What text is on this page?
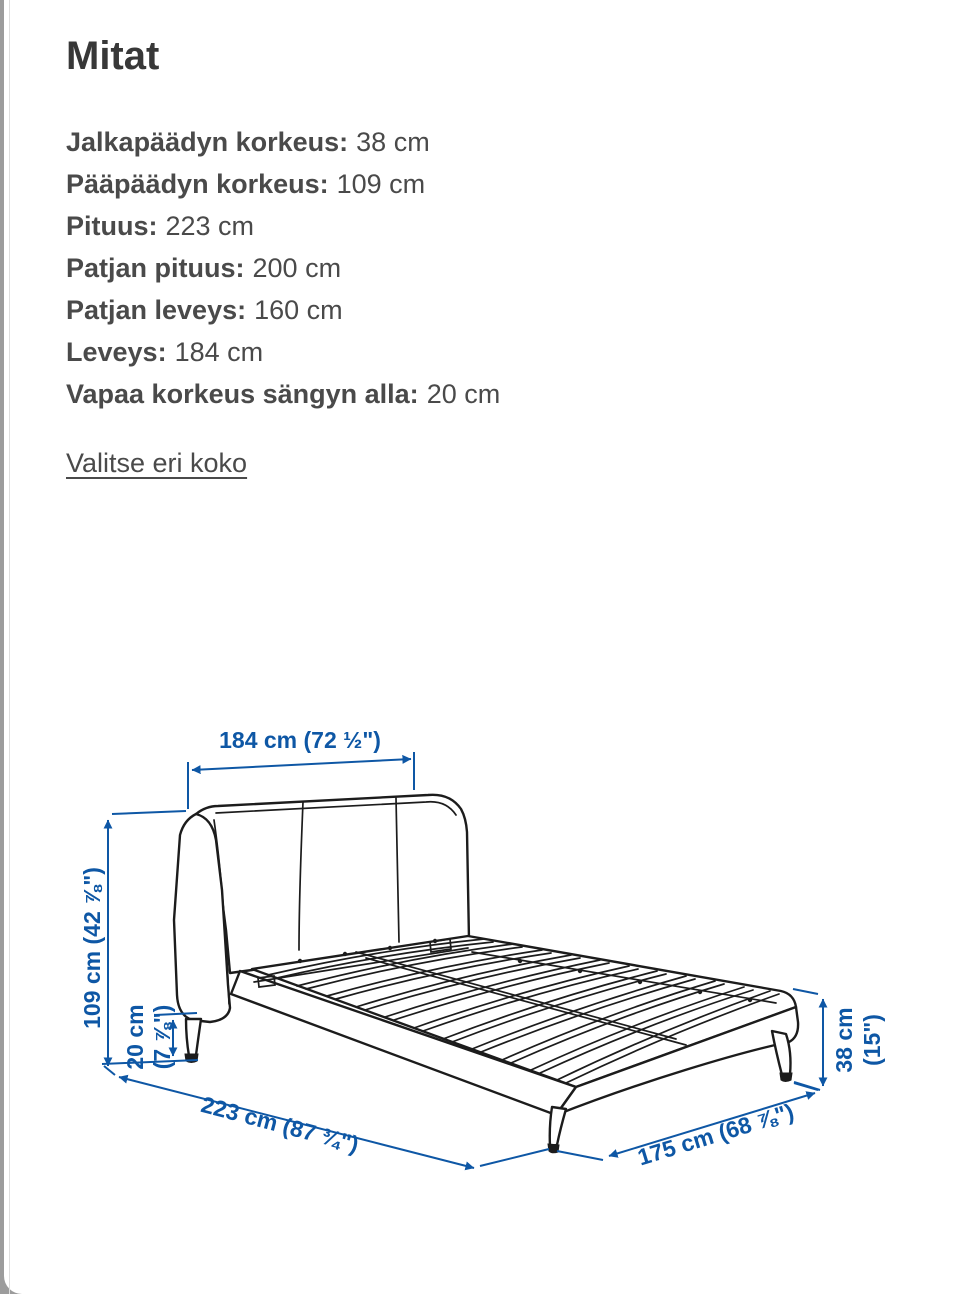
Mitat
Jalkapäädyn korkeus: 38 cm
Pääpäädyn korkeus: 109 cm
Pituus: 223 cm
Patjan pituus: 200 cm
Patjan leveys: 160 cm
Leveys: 184 cm
Vapaa korkeus sängyn alla: 20 cm
Valitse eri koko
184 cm (72 ½")
109 cm (42 ⅞")
20 cm (7 ⅞")
223 cm (87 ¾")	175 cm (68 ⅞")
38 cm (15")
